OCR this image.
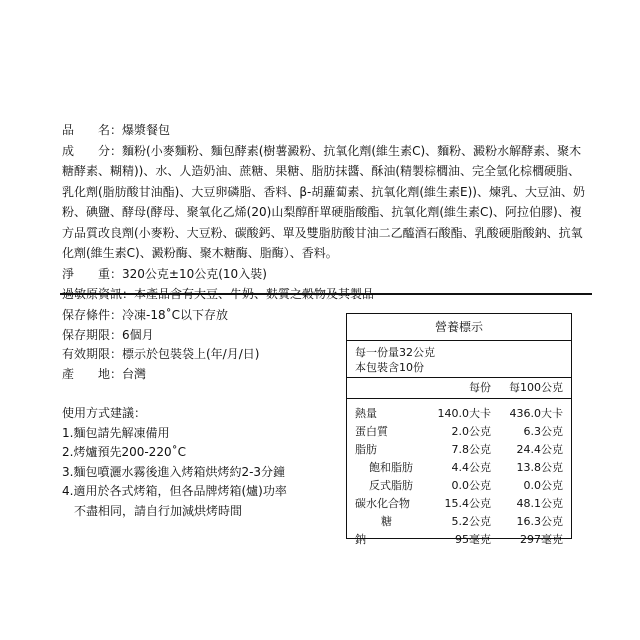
品　　名： 爆漿餐包
成　　分：麵粉(小麥麵粉、麵包酵素(樹薯澱粉、抗氧化劑(維生素C)、麵粉、澱粉水解酵素、聚木糖酵素、糊精))、水、人造奶油、蔗糖、果糖、脂肪抹醬、酥油(精製棕櫚油、完全氫化棕櫚硬脂、乳化劑(脂肪酸甘油酯)、大豆卵磷脂、香料、β-胡蘿蔔素、抗氧化劑(維生素E))、煉乳、大豆油、奶粉、碘鹽、酵母(酵母、聚氧化乙烯(20)山梨醇酐單硬脂酸酯、抗氧化劑(維生素C)、阿拉伯膠)、複方品質改良劑(小麥粉、大豆粉、碳酸鈣、單及雙脂肪酸甘油二乙醯酒石酸酯、乳酸硬脂酸鈉、抗氧化劑(維生素C)、澱粉酶、聚木糖酶、脂酶）、香料。
淨　　重： 320公克±10公克(10入裝)
保存條件：冷凍-18˚C以下存放
保存期限：6個月
有效期限：標示於包裝袋上(年/月/日)
產　　地：台灣
使用方式建議：
1.麵包請先解凍備用
2.烤爐預先200-220˚C
3.麵包噴灑水霧後進入烤箱烘烤約2-3分鐘
4.適用於各式烤箱，但各品牌烤箱(爐)功率
　不盡相同，請自行加減烘烤時間
營養標示
每一份量32公克
本包裝含10份
每份 每100公克
熱量	140.0大卡 436.0大卡
蛋白質	2.0公克	6.3公克
脂肪	7.8公克 24.4公克
飽和脂肪	4.4公克 13.8公克
反式脂肪	0.0公克	0.0公克
碳水化合物	15.4公克 48.1公克
糖	5.2公克 16.3公克
鈉	95毫克	297毫克
